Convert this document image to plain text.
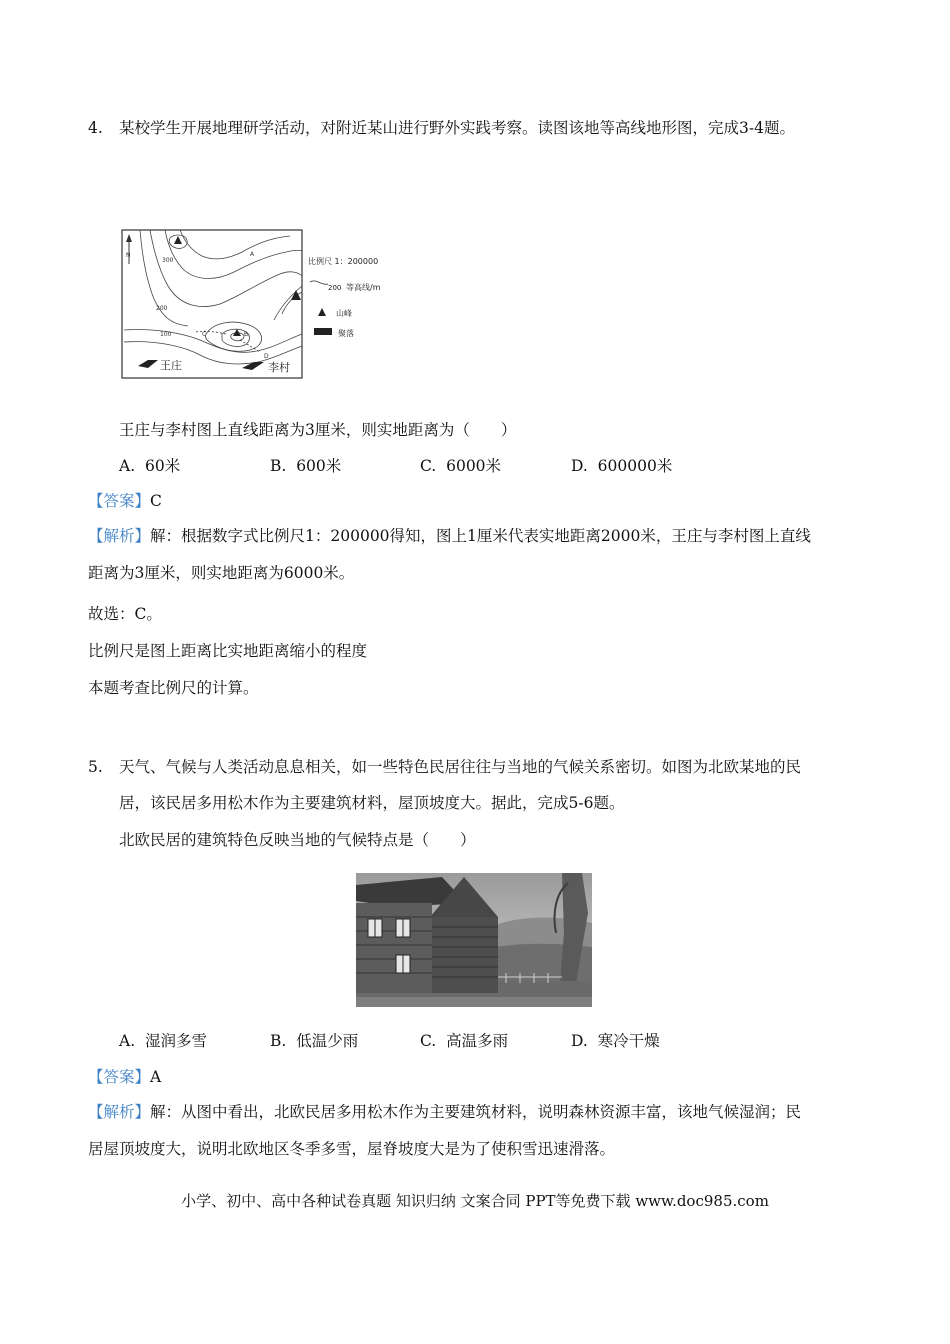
4. 某校学生开展地理研学活动，对附近某山进行野外实践考察。读图该地等高线地形图，完成3-4题。
N
300
200
100
A
B
C
D
王庄	李村
比例尺 1：200000
200 等高线/m
山峰
聚落
王庄与李村图上直线距离为3厘米，则实地距离为（　　）
A. 60米	B. 600米	C. 6000米	D. 600000米
【答案】C
【解析】解：根据数字式比例尺1：200000得知，图上1厘米代表实地距离2000米，王庄与李村图上直线
距离为3厘米，则实地距离为6000米。
故选：C。
比例尺是图上距离比实地距离缩小的程度
本题考查比例尺的计算。
5. 天气、气候与人类活动息息相关，如一些特色民居往往与当地的气候关系密切。如图为北欧某地的民
居，该民居多用松木作为主要建筑材料，屋顶坡度大。据此，完成5-6题。
北欧民居的建筑特色反映当地的气候特点是（　　）
A. 湿润多雪	B. 低温少雨	C. 高温多雨	D. 寒冷干燥
【答案】A
【解析】解：从图中看出，北欧民居多用松木作为主要建筑材料，说明森林资源丰富，该地气候湿润；民
居屋顶坡度大，说明北欧地区冬季多雪，屋脊坡度大是为了使积雪迅速滑落。
小学、初中、高中各种试卷真题 知识归纳 文案合同 PPT等免费下载 www.doc985.com
